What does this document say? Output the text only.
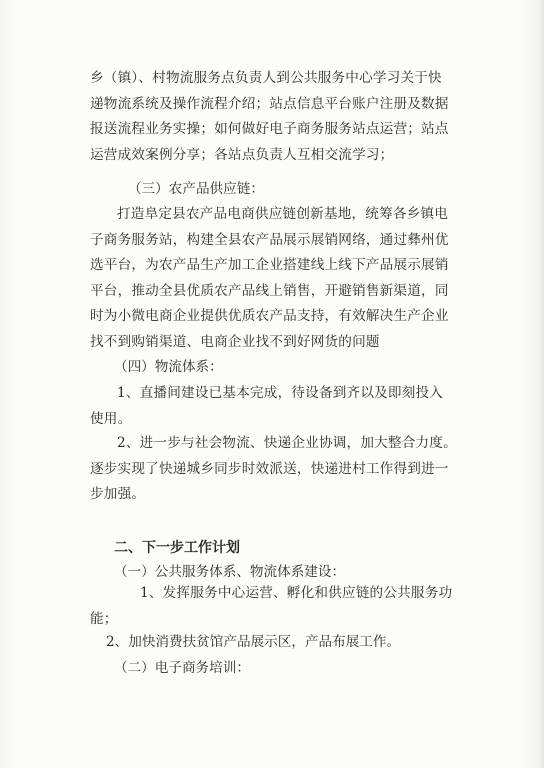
乡（镇）、村物流服务点负责人到公共服务中心学习关于快
递物流系统及操作流程介绍；站点信息平台账户注册及数据
报送流程业务实操；如何做好电子商务服务站点运营；站点
运营成效案例分享；各站点负责人互相交流学习；
（三）农产品供应链：
打造阜定县农产品电商供应链创新基地，统筹各乡镇电
子商务服务站，构建全县农产品展示展销网络，通过彝州优
选平台，为农产品生产加工企业搭建线上线下产品展示展销
平台，推动全县优质农产品线上销售，开避销售新渠道，同
时为小微电商企业提供优质农产品支持，有效解决生产企业
找不到购销渠道、电商企业找不到好网货的问题
（四）物流体系：
1、直播间建设已基本完成，待设备到齐以及即刻投入
使用。
2、进一步与社会物流、快递企业协调，加大整合力度。
逐步实现了快递城乡同步时效派送，快递进村工作得到进一
步加强。
二、下一步工作计划
（一）公共服务体系、物流体系建设：
1、发挥服务中心运营、孵化和供应链的公共服务功
能；
2、加快消费扶贫馆产品展示区，产品布展工作。
（二）电子商务培训：
